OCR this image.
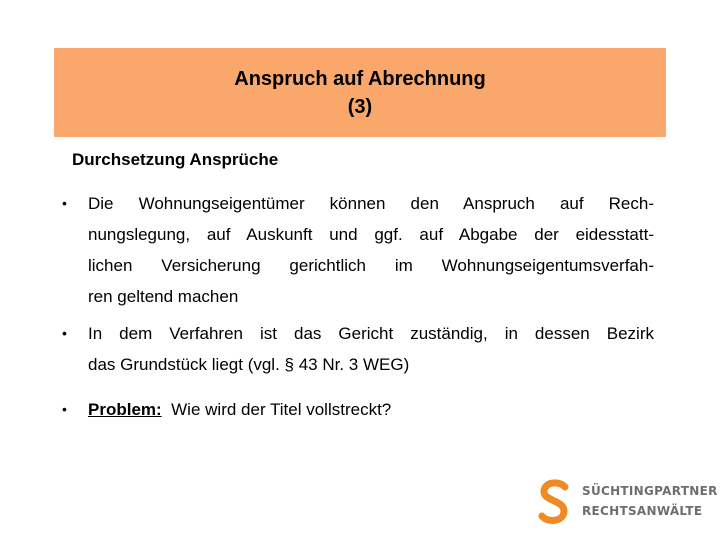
Anspruch auf Abrechnung
(3)
Durchsetzung Ansprüche
• Die Wohnungseigentümer können den Anspruch auf Rech-
nungslegung, auf Auskunft und ggf. auf Abgabe der eidesstatt-
lichen Versicherung gerichtlich im Wohnungseigentumsverfah-
ren geltend machen
• In dem Verfahren ist das Gericht zuständig, in dessen Bezirk
das Grundstück liegt (vgl. § 43 Nr. 3 WEG)
• Problem: Wie wird der Titel vollstreckt?
SÜCHTINGPARTNER
RECHTSANWÄLTE
